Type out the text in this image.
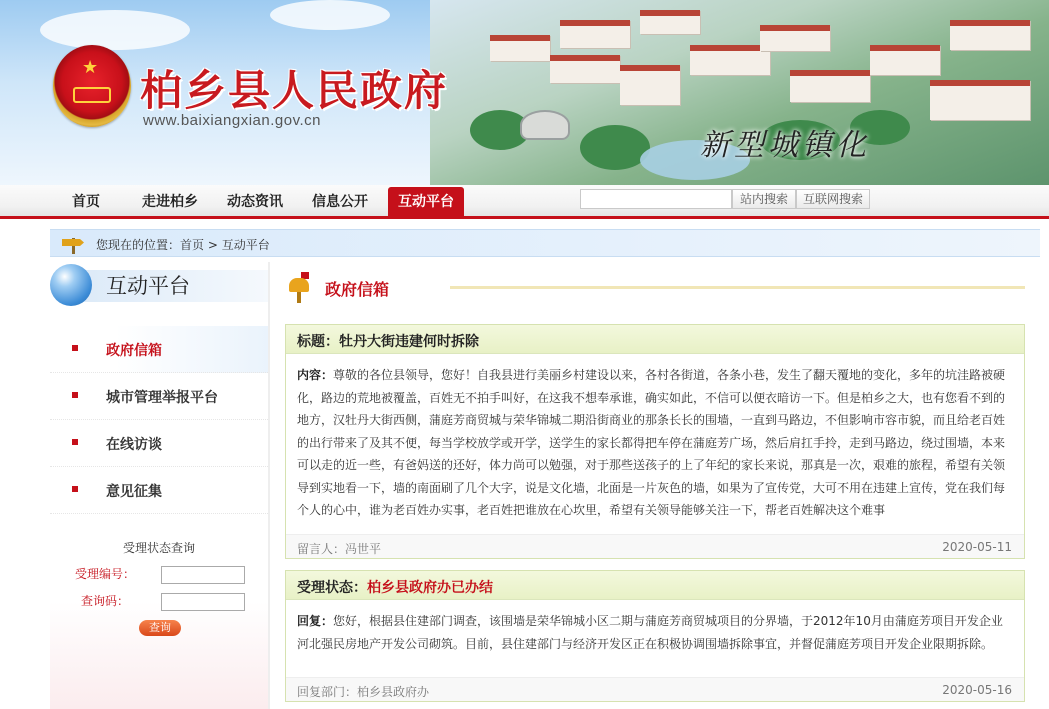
★ 柏乡县人民政府
www.baixiangxian.gov.cn
新型城镇化
首页	走进柏乡 动态资讯 信息公开	互动平台	站内搜索	互联网搜索
您现在的位置：首页 > 互动平台
互动平台
政府信箱
城市管理举报平台
在线访谈
意见征集
受理状态查询
受理编号：
查询码：
查询
政府信箱
标题：牡丹大街违建何时拆除
内容：尊敬的各位县领导，您好！自我县进行美丽乡村建设以来，各村各街道，各条小巷，发生了翻天覆地的变化，多年的坑洼路被硬化，路边的荒地被覆盖，百姓无不拍手叫好，在这我不想奉承谁，确实如此，不信可以便衣暗访一下。但是柏乡之大，也有您看不到的地方，汉牡丹大街西侧，蒲庭芳商贸城与荣华锦城二期沿街商业的那条长长的围墙，一直到马路边，不但影响市容市貌，而且给老百姓的出行带来了及其不便，每当学校放学或开学，送学生的家长都得把车停在蒲庭芳广场，然后肩扛手拎，走到马路边，绕过围墙，本来可以走的近一些，有爸妈送的还好，体力尚可以勉强，对于那些送孩子的上了年纪的家长来说，那真是一次，艰难的旅程，希望有关领导到实地看一下，墙的南面刷了几个大字，说是文化墙，北面是一片灰色的墙，如果为了宣传党，大可不用在违建上宣传，党在我们每个人的心中，谁为老百姓办实事，老百姓把谁放在心坎里，希望有关领导能够关注一下，帮老百姓解决这个难事
留言人：冯世平	2020-05-11
受理状态：柏乡县政府办已办结
回复：您好，根据县住建部门调查，该围墙是荣华锦城小区二期与蒲庭芳商贸城项目的分界墙，于2012年10月由蒲庭芳项目开发企业河北强民房地产开发公司砌筑。目前，县住建部门与经济开发区正在积极协调围墙拆除事宜，并督促蒲庭芳项目开发企业限期拆除。
回复部门：柏乡县政府办	2020-05-16
